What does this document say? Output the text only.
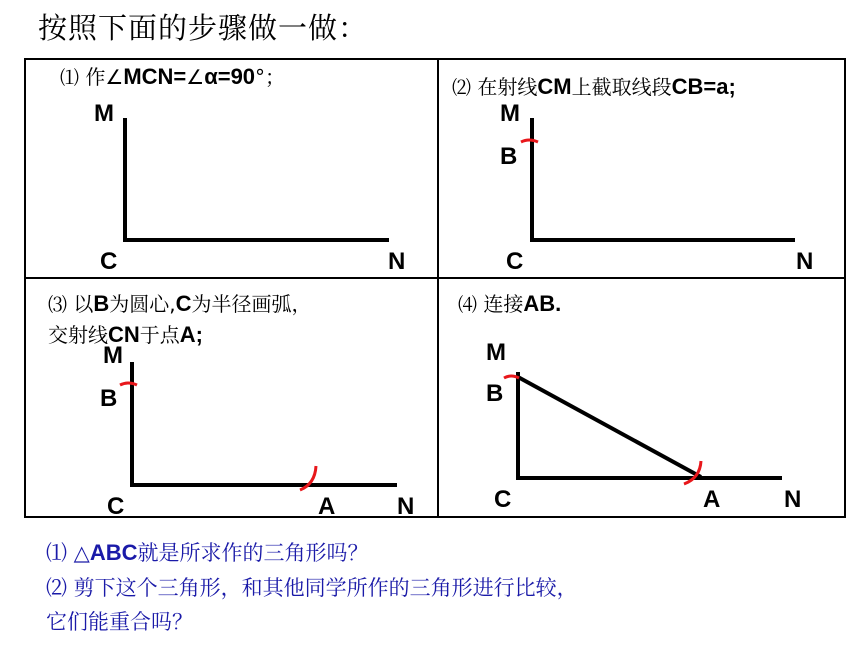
按照下面的步骤做一做：
⑴ 作∠MCN=∠α=90°；	⑵ 在射线CM上截取线段CB=a;
⑶ 以B为圆心,C为半径画弧，
交射线CN于点A;
⑷ 连接AB.
M
C	N
M
B
C	N
M
B
C	A	N
M
B
C	A	N
⑴ △ABC就是所求作的三角形吗？
⑵ 剪下这个三角形，和其他同学所作的三角形进行比较，
它们能重合吗？
